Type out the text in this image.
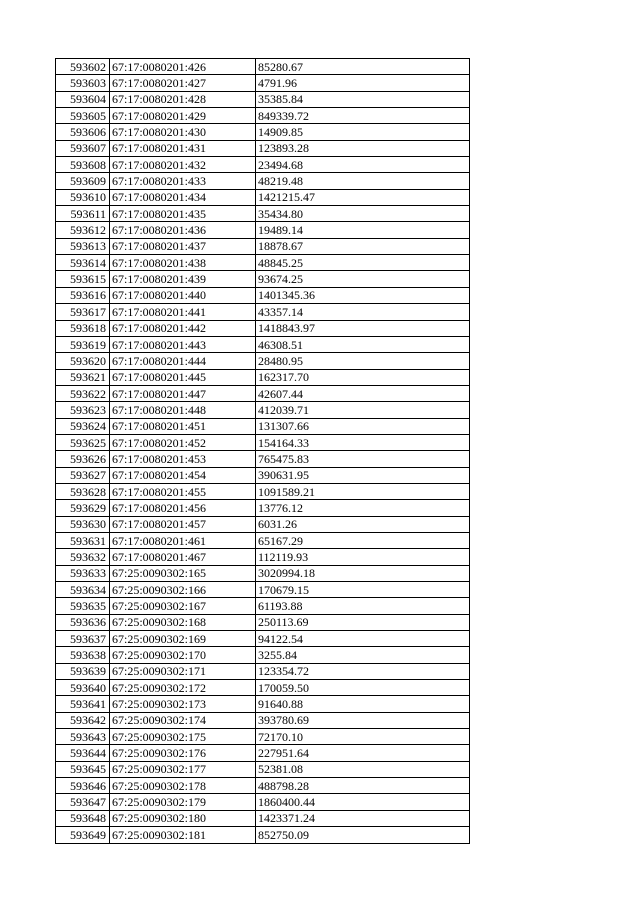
593602	67:17:0080201:426	85280.67
593603	67:17:0080201:427	4791.96
593604	67:17:0080201:428	35385.84
593605	67:17:0080201:429	849339.72
593606	67:17:0080201:430	14909.85
593607	67:17:0080201:431	123893.28
593608	67:17:0080201:432	23494.68
593609	67:17:0080201:433	48219.48
593610	67:17:0080201:434	1421215.47
593611	67:17:0080201:435	35434.80
593612	67:17:0080201:436	19489.14
593613	67:17:0080201:437	18878.67
593614	67:17:0080201:438	48845.25
593615	67:17:0080201:439	93674.25
593616	67:17:0080201:440	1401345.36
593617	67:17:0080201:441	43357.14
593618	67:17:0080201:442	1418843.97
593619	67:17:0080201:443	46308.51
593620	67:17:0080201:444	28480.95
593621	67:17:0080201:445	162317.70
593622	67:17:0080201:447	42607.44
593623	67:17:0080201:448	412039.71
593624	67:17:0080201:451	131307.66
593625	67:17:0080201:452	154164.33
593626	67:17:0080201:453	765475.83
593627	67:17:0080201:454	390631.95
593628	67:17:0080201:455	1091589.21
593629	67:17:0080201:456	13776.12
593630	67:17:0080201:457	6031.26
593631	67:17:0080201:461	65167.29
593632	67:17:0080201:467	112119.93
593633	67:25:0090302:165	3020994.18
593634	67:25:0090302:166	170679.15
593635	67:25:0090302:167	61193.88
593636	67:25:0090302:168	250113.69
593637	67:25:0090302:169	94122.54
593638	67:25:0090302:170	3255.84
593639	67:25:0090302:171	123354.72
593640	67:25:0090302:172	170059.50
593641	67:25:0090302:173	91640.88
593642	67:25:0090302:174	393780.69
593643	67:25:0090302:175	72170.10
593644	67:25:0090302:176	227951.64
593645	67:25:0090302:177	52381.08
593646	67:25:0090302:178	488798.28
593647	67:25:0090302:179	1860400.44
593648	67:25:0090302:180	1423371.24
593649	67:25:0090302:181	852750.09
